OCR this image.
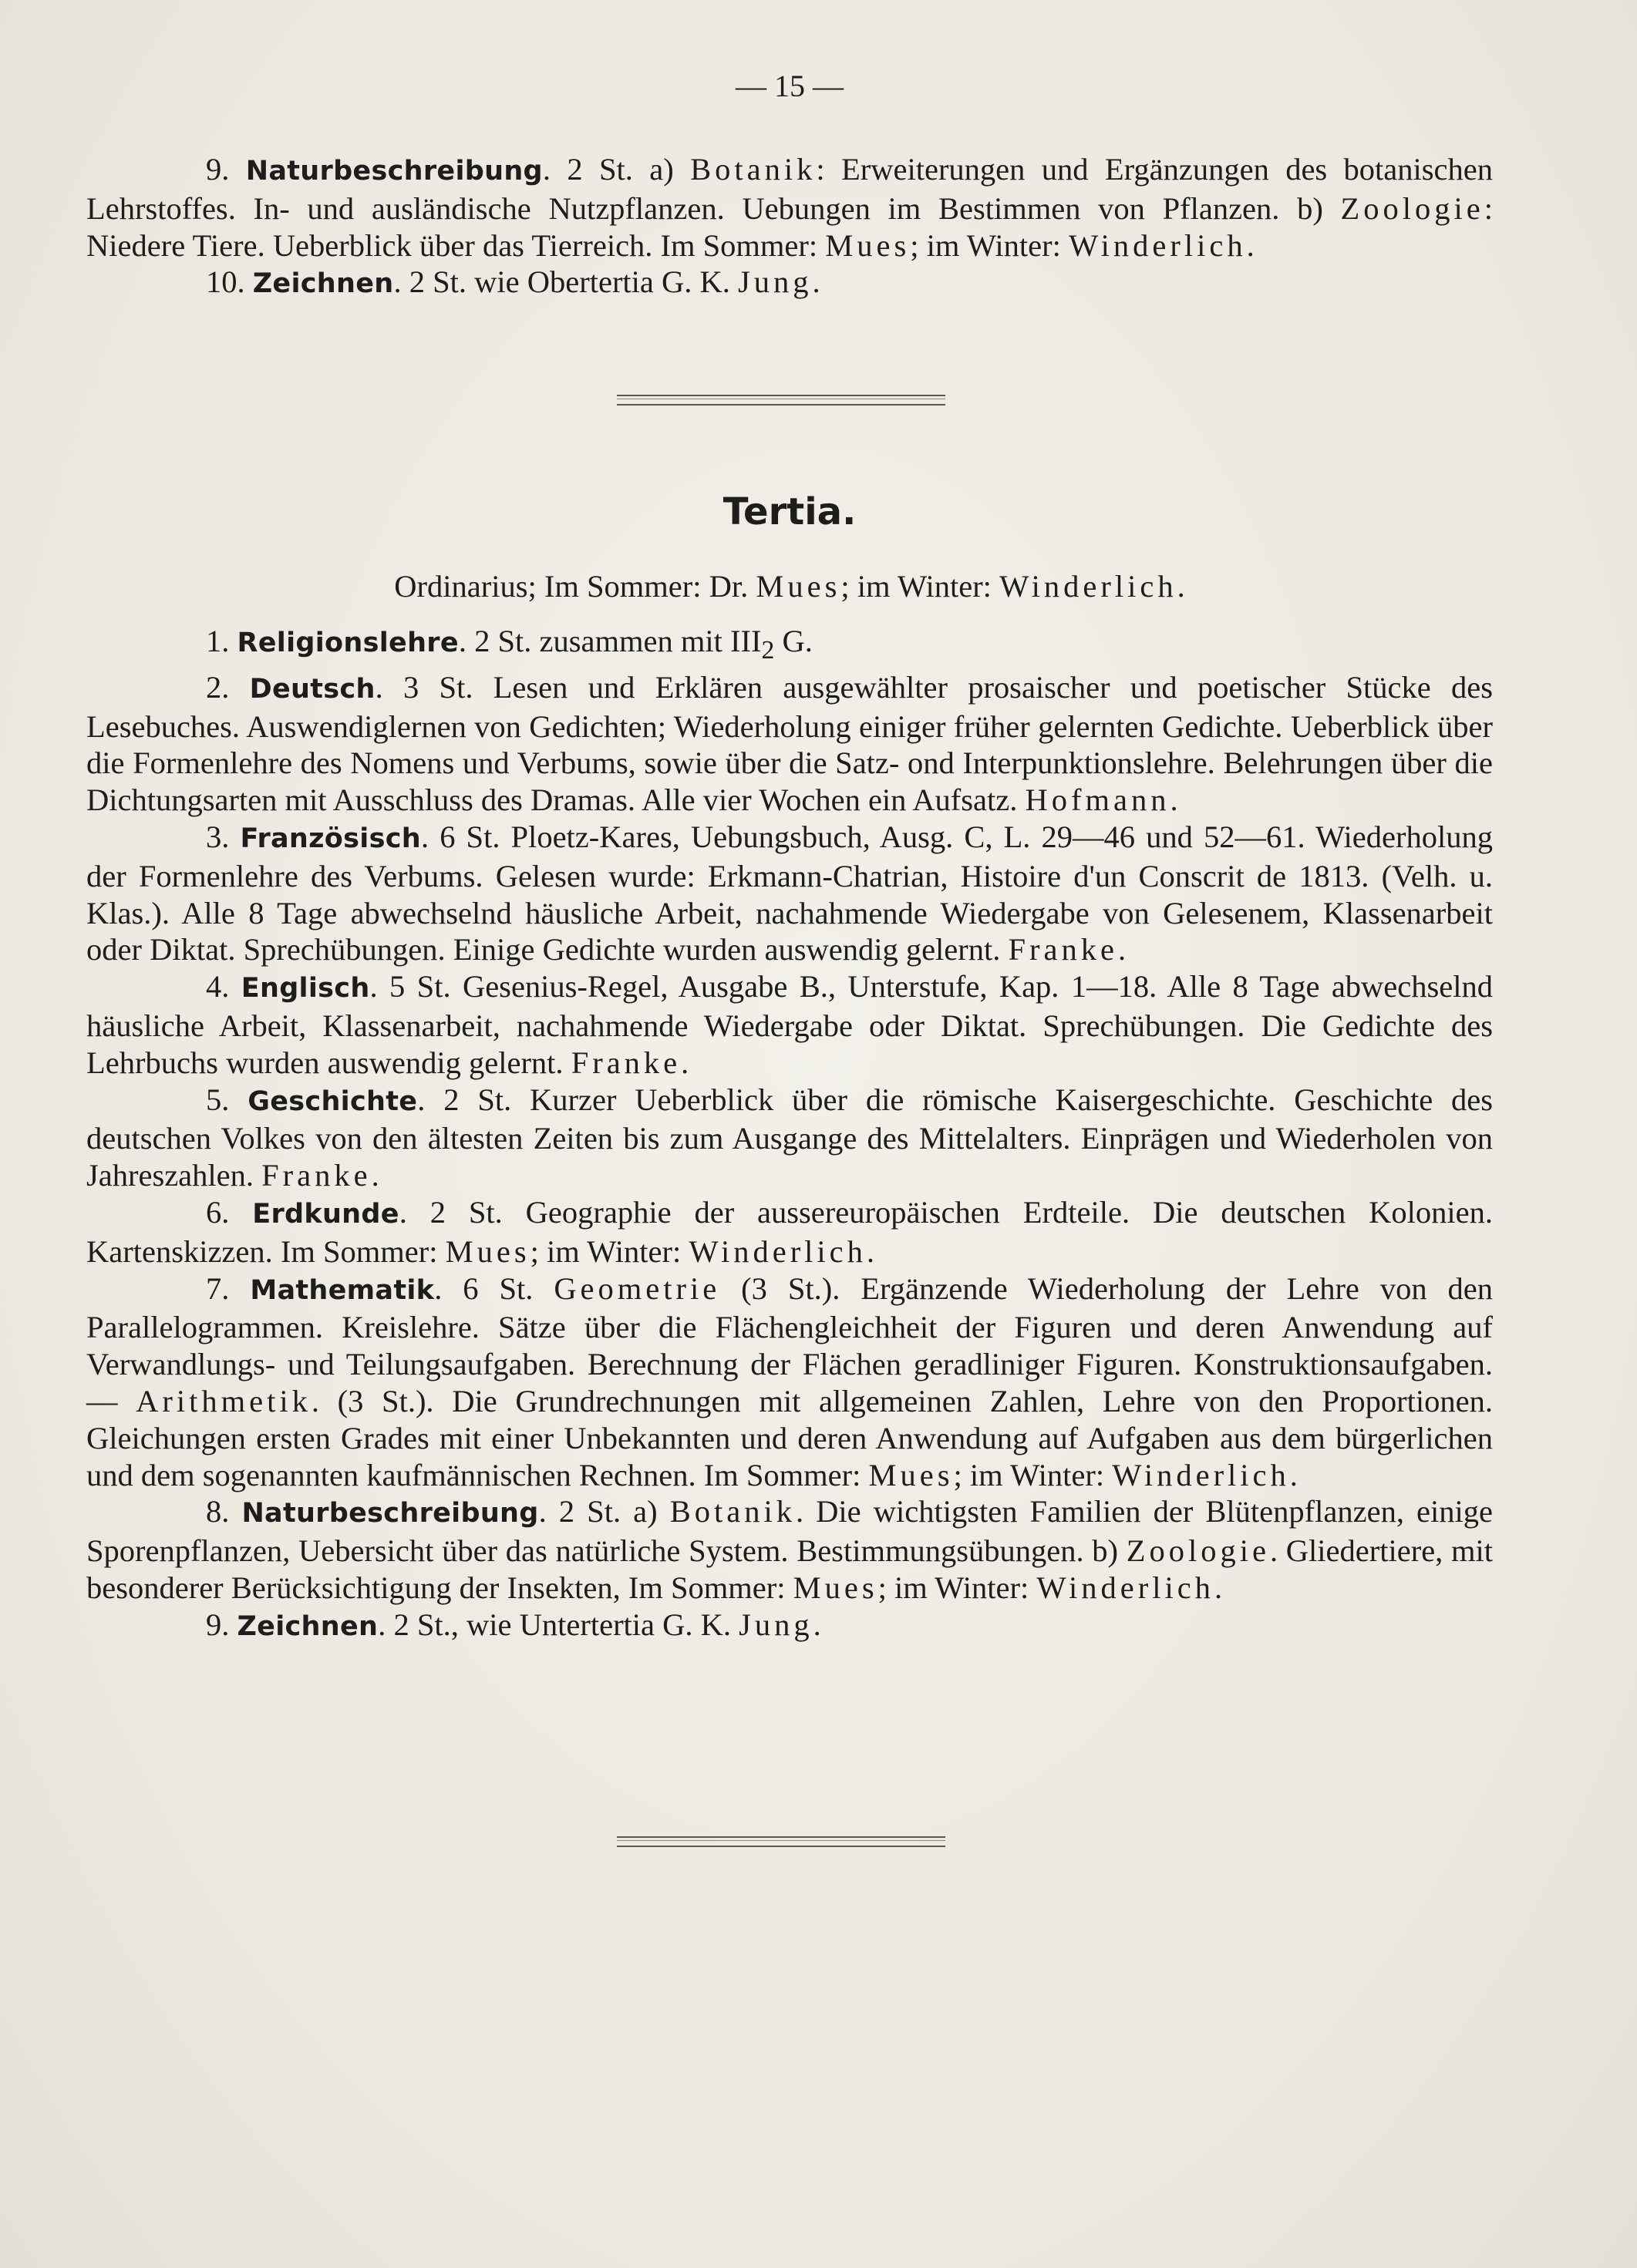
— 15 —

9. Naturbeschreibung. 2 St. a) Botanik: Erweiterungen und Ergänzungen des botanischen Lehrstoffes. In- und ausländische Nutzpflanzen. Uebungen im Bestimmen von Pflanzen. b) Zoologie: Niedere Tiere. Ueberblick über das Tierreich. Im Sommer: Mues; im Winter: Winderlich.

10. Zeichnen. 2 St. wie Obertertia G. K. Jung.

Tertia.
Ordinarius; Im Sommer: Dr. Mues; im Winter: Winderlich.

1. Religionslehre. 2 St. zusammen mit $III_2$ G.

2. Deutsch. 3 St. Lesen und Erklären ausgewählter prosaischer und poetischer Stücke des Lesebuches. Auswendiglernen von Gedichten; Wiederholung einiger früher gelernten Gedichte. Ueberblick über die Formenlehre des Nomens und Verbums, sowie über die Satz- ond Interpunktionslehre. Belehrungen über die Dichtungsarten mit Ausschluss des Dramas. Alle vier Wochen ein Aufsatz. Hofmann.

3. Französisch. 6 St. Ploetz-Kares, Uebungsbuch, Ausg. C, L. 29—46 und 52—61. Wiederholung der Formenlehre des Verbums. Gelesen wurde: Erkmann-Chatrian, Histoire d'un Conscrit de 1813. (Velh. u. Klas.). Alle 8 Tage abwechselnd häusliche Arbeit, nachahmende Wiedergabe von Gelesenem, Klassenarbeit oder Diktat. Sprechübungen. Einige Gedichte wurden auswendig gelernt. Franke.

4. Englisch. 5 St. Gesenius-Regel, Ausgabe B., Unterstufe, Kap. 1—18. Alle 8 Tage abwechselnd häusliche Arbeit, Klassenarbeit, nachahmende Wiedergabe oder Diktat. Sprechübungen. Die Gedichte des Lehrbuchs wurden auswendig gelernt. Franke.

5. Geschichte. 2 St. Kurzer Ueberblick über die römische Kaisergeschichte. Geschichte des deutschen Volkes von den ältesten Zeiten bis zum Ausgange des Mittelalters. Einprägen und Wiederholen von Jahreszahlen. Franke.

6. Erdkunde. 2 St. Geographie der aussereuropäischen Erdteile. Die deutschen Kolonien. Kartenskizzen. Im Sommer: Mues; im Winter: Winderlich.

7. Mathematik. 6 St. Geometrie (3 St.). Ergänzende Wiederholung der Lehre von den Parallelogrammen. Kreislehre. Sätze über die Flächengleichheit der Figuren und deren Anwendung auf Verwandlungs- und Teilungsaufgaben. Berechnung der Flächen geradliniger Figuren. Konstruktionsaufgaben. — Arithmetik. (3 St.). Die Grundrechnungen mit allgemeinen Zahlen, Lehre von den Proportionen. Gleichungen ersten Grades mit einer Unbekannten und deren Anwendung auf Aufgaben aus dem bürgerlichen und dem sogenannten kaufmännischen Rechnen. Im Sommer: Mues; im Winter: Winderlich.

8. Naturbeschreibung. 2 St. a) Botanik. Die wichtigsten Familien der Blütenpflanzen, einige Sporenpflanzen, Uebersicht über das natürliche System. Bestimmungsübungen. b) Zoologie. Gliedertiere, mit besonderer Berücksichtigung der Insekten, Im Sommer: Mues; im Winter: Winderlich.

9. Zeichnen. 2 St., wie Untertertia G. K. Jung.
